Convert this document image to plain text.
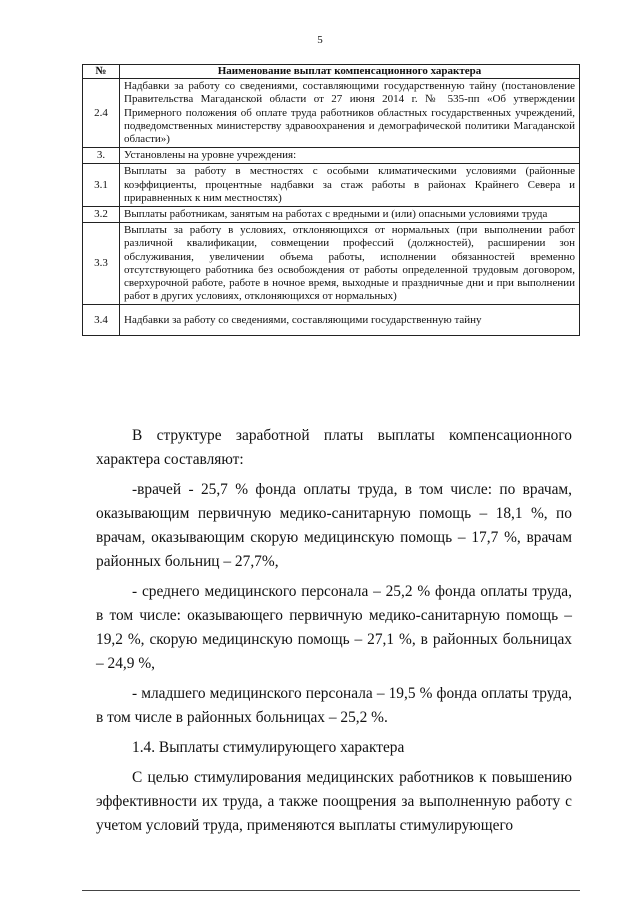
5
№	Наименование выплат компенсационного характера
2.4	Надбавки за работу со сведениями, составляющими государственную тайну (постановление Правительства Магаданской области от 27 июня 2014 г. № 535-пп «Об утверждении Примерного положения об оплате труда работников областных государственных учреждений, подведомственных министерству здравоохранения и демографической политики Магаданской области»)
3.	Установлены на уровне учреждения:
3.1	Выплаты за работу в местностях с особыми климатическими условиями (районные коэффициенты, процентные надбавки за стаж работы в районах Крайнего Севера и приравненных к ним местностях)
3.2	Выплаты работникам, занятым на работах с вредными и (или) опасными условиями труда
3.3	Выплаты за работу в условиях, отклоняющихся от нормальных (при выполнении работ различной квалификации, совмещении профессий (должностей), расширении зон обслуживания, увеличении объема работы, исполнении обязанностей временно отсутствующего работника без освобождения от работы определенной трудовым договором, сверхурочной работе, работе в ночное время, выходные и праздничные дни и при выполнении работ в других условиях, отклоняющихся от нормальных)
3.4	Надбавки за работу со сведениями, составляющими государственную тайну

В структуре заработной платы выплаты компенсационного характера составляют:

-врачей - 25,7 % фонда оплаты труда, в том числе: по врачам, оказывающим первичную медико-санитарную помощь – 18,1 %, по врачам, оказывающим скорую медицинскую помощь – 17,7 %, врачам районных больниц – 27,7%,

- среднего медицинского персонала – 25,2 % фонда оплаты труда, в том числе: оказывающего первичную медико-санитарную помощь – 19,2 %, скорую медицинскую помощь – 27,1 %, в районных больницах – 24,9 %,

- младшего медицинского персонала – 19,5 % фонда оплаты труда, в том числе в районных больницах – 25,2 %.

1.4. Выплаты стимулирующего характера

С целью стимулирования медицинских работников к повышению эффективности их труда, а также поощрения за выполненную работу с учетом условий труда, применяются выплаты стимулирующего
